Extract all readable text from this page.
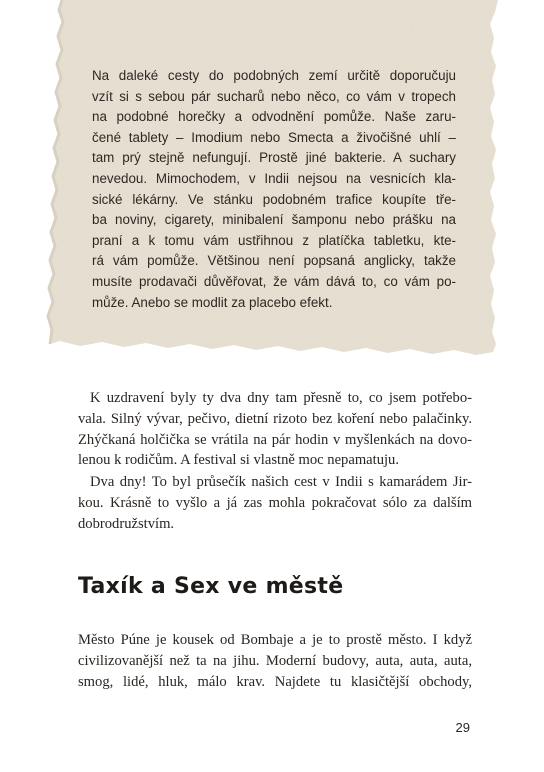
Na daleké cesty do podobných zemí určitě doporučuju
vzít si s sebou pár sucharů nebo něco, co vám v tropech
na podobné horečky a odvodnění pomůže. Naše zaru-
čené tablety – Imodium nebo Smecta a živočišné uhlí –
tam prý stejně nefungují. Prostě jiné bakterie. A suchary
nevedou. Mimochodem, v Indii nejsou na vesnicích kla-
sické lékárny. Ve stánku podobném trafice koupíte tře-
ba noviny, cigarety, minibalení šamponu nebo prášku na
praní a k tomu vám ustřihnou z platíčka tabletku, kte-
rá vám pomůže. Většinou není popsaná anglicky, takže
musíte prodavači důvěřovat, že vám dává to, co vám po-
může. Anebo se modlit za placebo efekt.
K uzdravení byly ty dva dny tam přesně to, co jsem potřebo-
vala. Silný vývar, pečivo, dietní rizoto bez koření nebo palačinky.
Zhýčkaná holčička se vrátila na pár hodin v myšlenkách na dovo-
lenou k rodičům. A festival si vlastně moc nepamatuju.
Dva dny! To byl průsečík našich cest v Indii s kamarádem Jir-
kou. Krásně to vyšlo a já zas mohla pokračovat sólo za dalším
dobrodružstvím.
Taxík a Sex ve městě
Město Púne je kousek od Bombaje a je to prostě město. I když
civilizovanější než ta na jihu. Moderní budovy, auta, auta, auta,
smog, lidé, hluk, málo krav. Najdete tu klasičtější obchody,
29
